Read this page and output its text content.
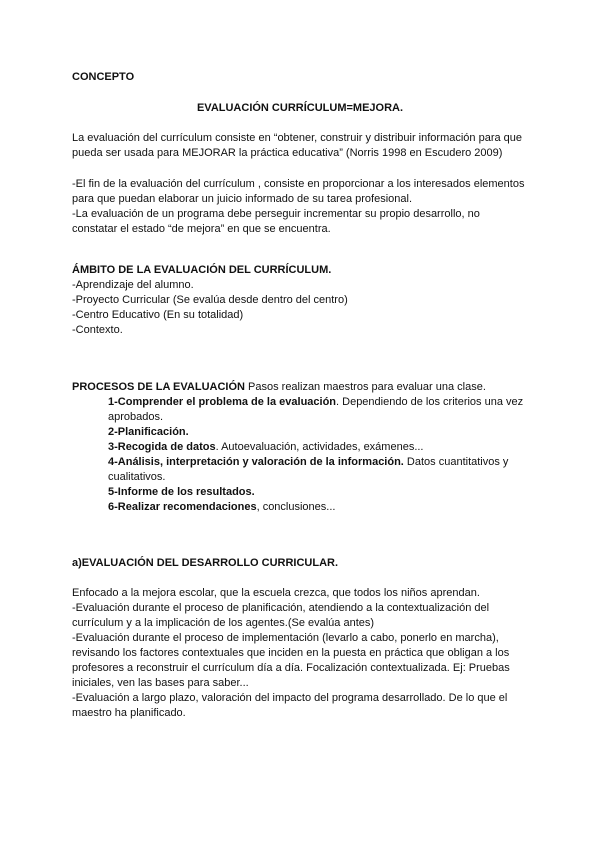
CONCEPTO
EVALUACIÓN CURRÍCULUM=MEJORA.
La evaluación del currículum consiste en “obtener, construir y distribuir información para que
pueda ser usada para MEJORAR la práctica educativa” (Norris 1998 en Escudero 2009)
-El fin de la evaluación del currículum , consiste en proporcionar a los interesados elementos
para que puedan elaborar un juicio informado de su tarea profesional.
-La evaluación de un programa debe perseguir incrementar su propio desarrollo, no
constatar el estado “de mejora” en que se encuentra.
ÁMBITO DE LA EVALUACIÓN DEL CURRÍCULUM.
-Aprendizaje del alumno.
-Proyecto Curricular (Se evalúa desde dentro del centro)
-Centro Educativo (En su totalidad)
-Contexto.
PROCESOS DE LA EVALUACIÓN Pasos realizan maestros para evaluar una clase.
1-Comprender el problema de la evaluación. Dependiendo de los criterios una vez
aprobados.
2-Planificación.
3-Recogida de datos. Autoevaluación, actividades, exámenes...
4-Análisis, interpretación y valoración de la información. Datos cuantitativos y
cualitativos.
5-Informe de los resultados.
6-Realizar recomendaciones, conclusiones...
a)EVALUACIÓN DEL DESARROLLO CURRICULAR.
Enfocado a la mejora escolar, que la escuela crezca, que todos los niños aprendan.
-Evaluación durante el proceso de planificación, atendiendo a la contextualización del
currículum y a la implicación de los agentes.(Se evalúa antes)
-Evaluación durante el proceso de implementación (levarlo a cabo, ponerlo en marcha),
revisando los factores contextuales que inciden en la puesta en práctica que obligan a los
profesores a reconstruir el currículum día a día. Focalización contextualizada. Ej: Pruebas
iniciales, ven las bases para saber...
-Evaluación a largo plazo, valoración del impacto del programa desarrollado. De lo que el
maestro ha planificado.
